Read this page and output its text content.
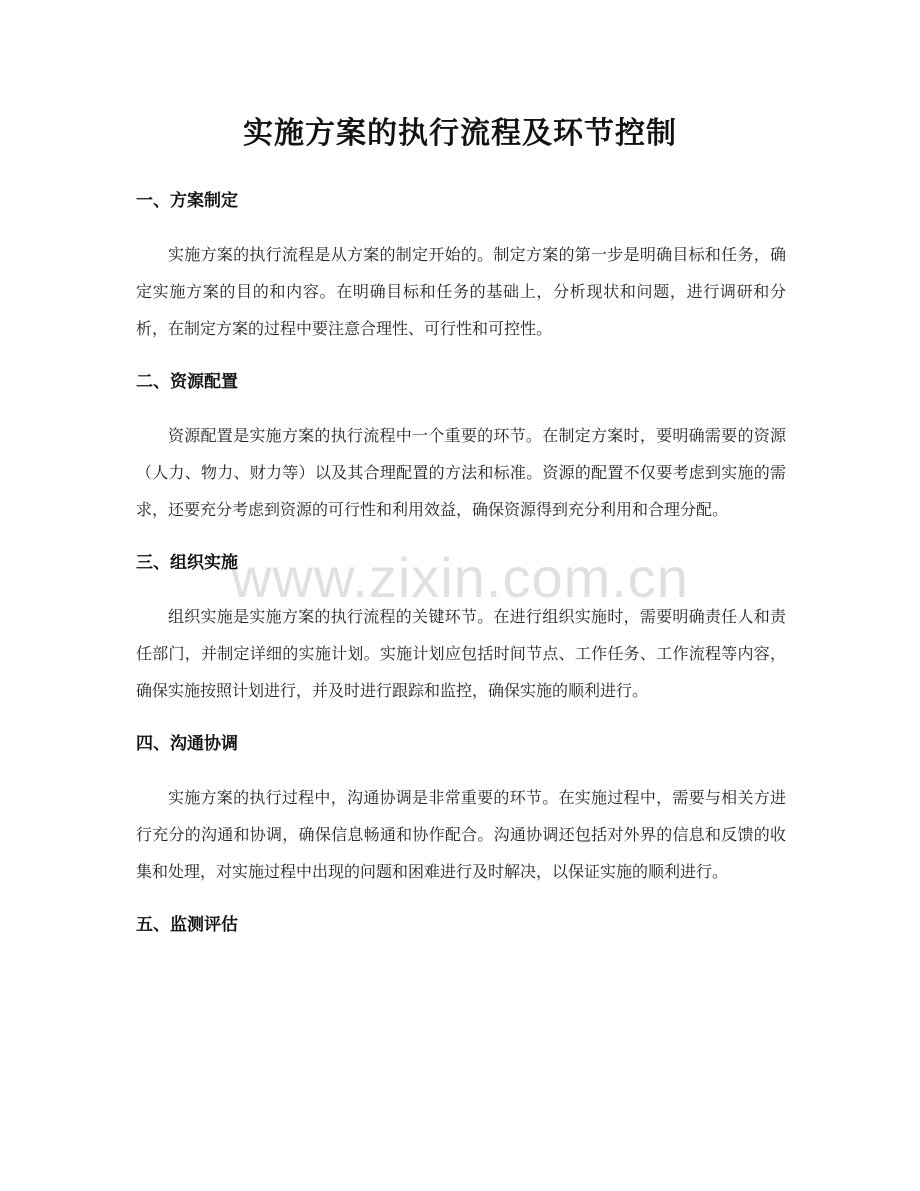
实施方案的执行流程及环节控制
一、方案制定

实施方案的执行流程是从方案的制定开始的。制定方案的第一步是明确目标和任务，确定实施方案的目的和内容。在明确目标和任务的基础上，分析现状和问题，进行调研和分析，在制定方案的过程中要注意合理性、可行性和可控性。

二、资源配置

资源配置是实施方案的执行流程中一个重要的环节。在制定方案时，要明确需要的资源（人力、物力、财力等）以及其合理配置的方法和标准。资源的配置不仅要考虑到实施的需求，还要充分考虑到资源的可行性和利用效益，确保资源得到充分利用和合理分配。

三、组织实施

组织实施是实施方案的执行流程的关键环节。在进行组织实施时，需要明确责任人和责任部门，并制定详细的实施计划。实施计划应包括时间节点、工作任务、工作流程等内容，确保实施按照计划进行，并及时进行跟踪和监控，确保实施的顺利进行。

四、沟通协调

实施方案的执行过程中，沟通协调是非常重要的环节。在实施过程中，需要与相关方进行充分的沟通和协调，确保信息畅通和协作配合。沟通协调还包括对外界的信息和反馈的收集和处理，对实施过程中出现的问题和困难进行及时解决，以保证实施的顺利进行。

五、监测评估
www.zixin.com.cn
